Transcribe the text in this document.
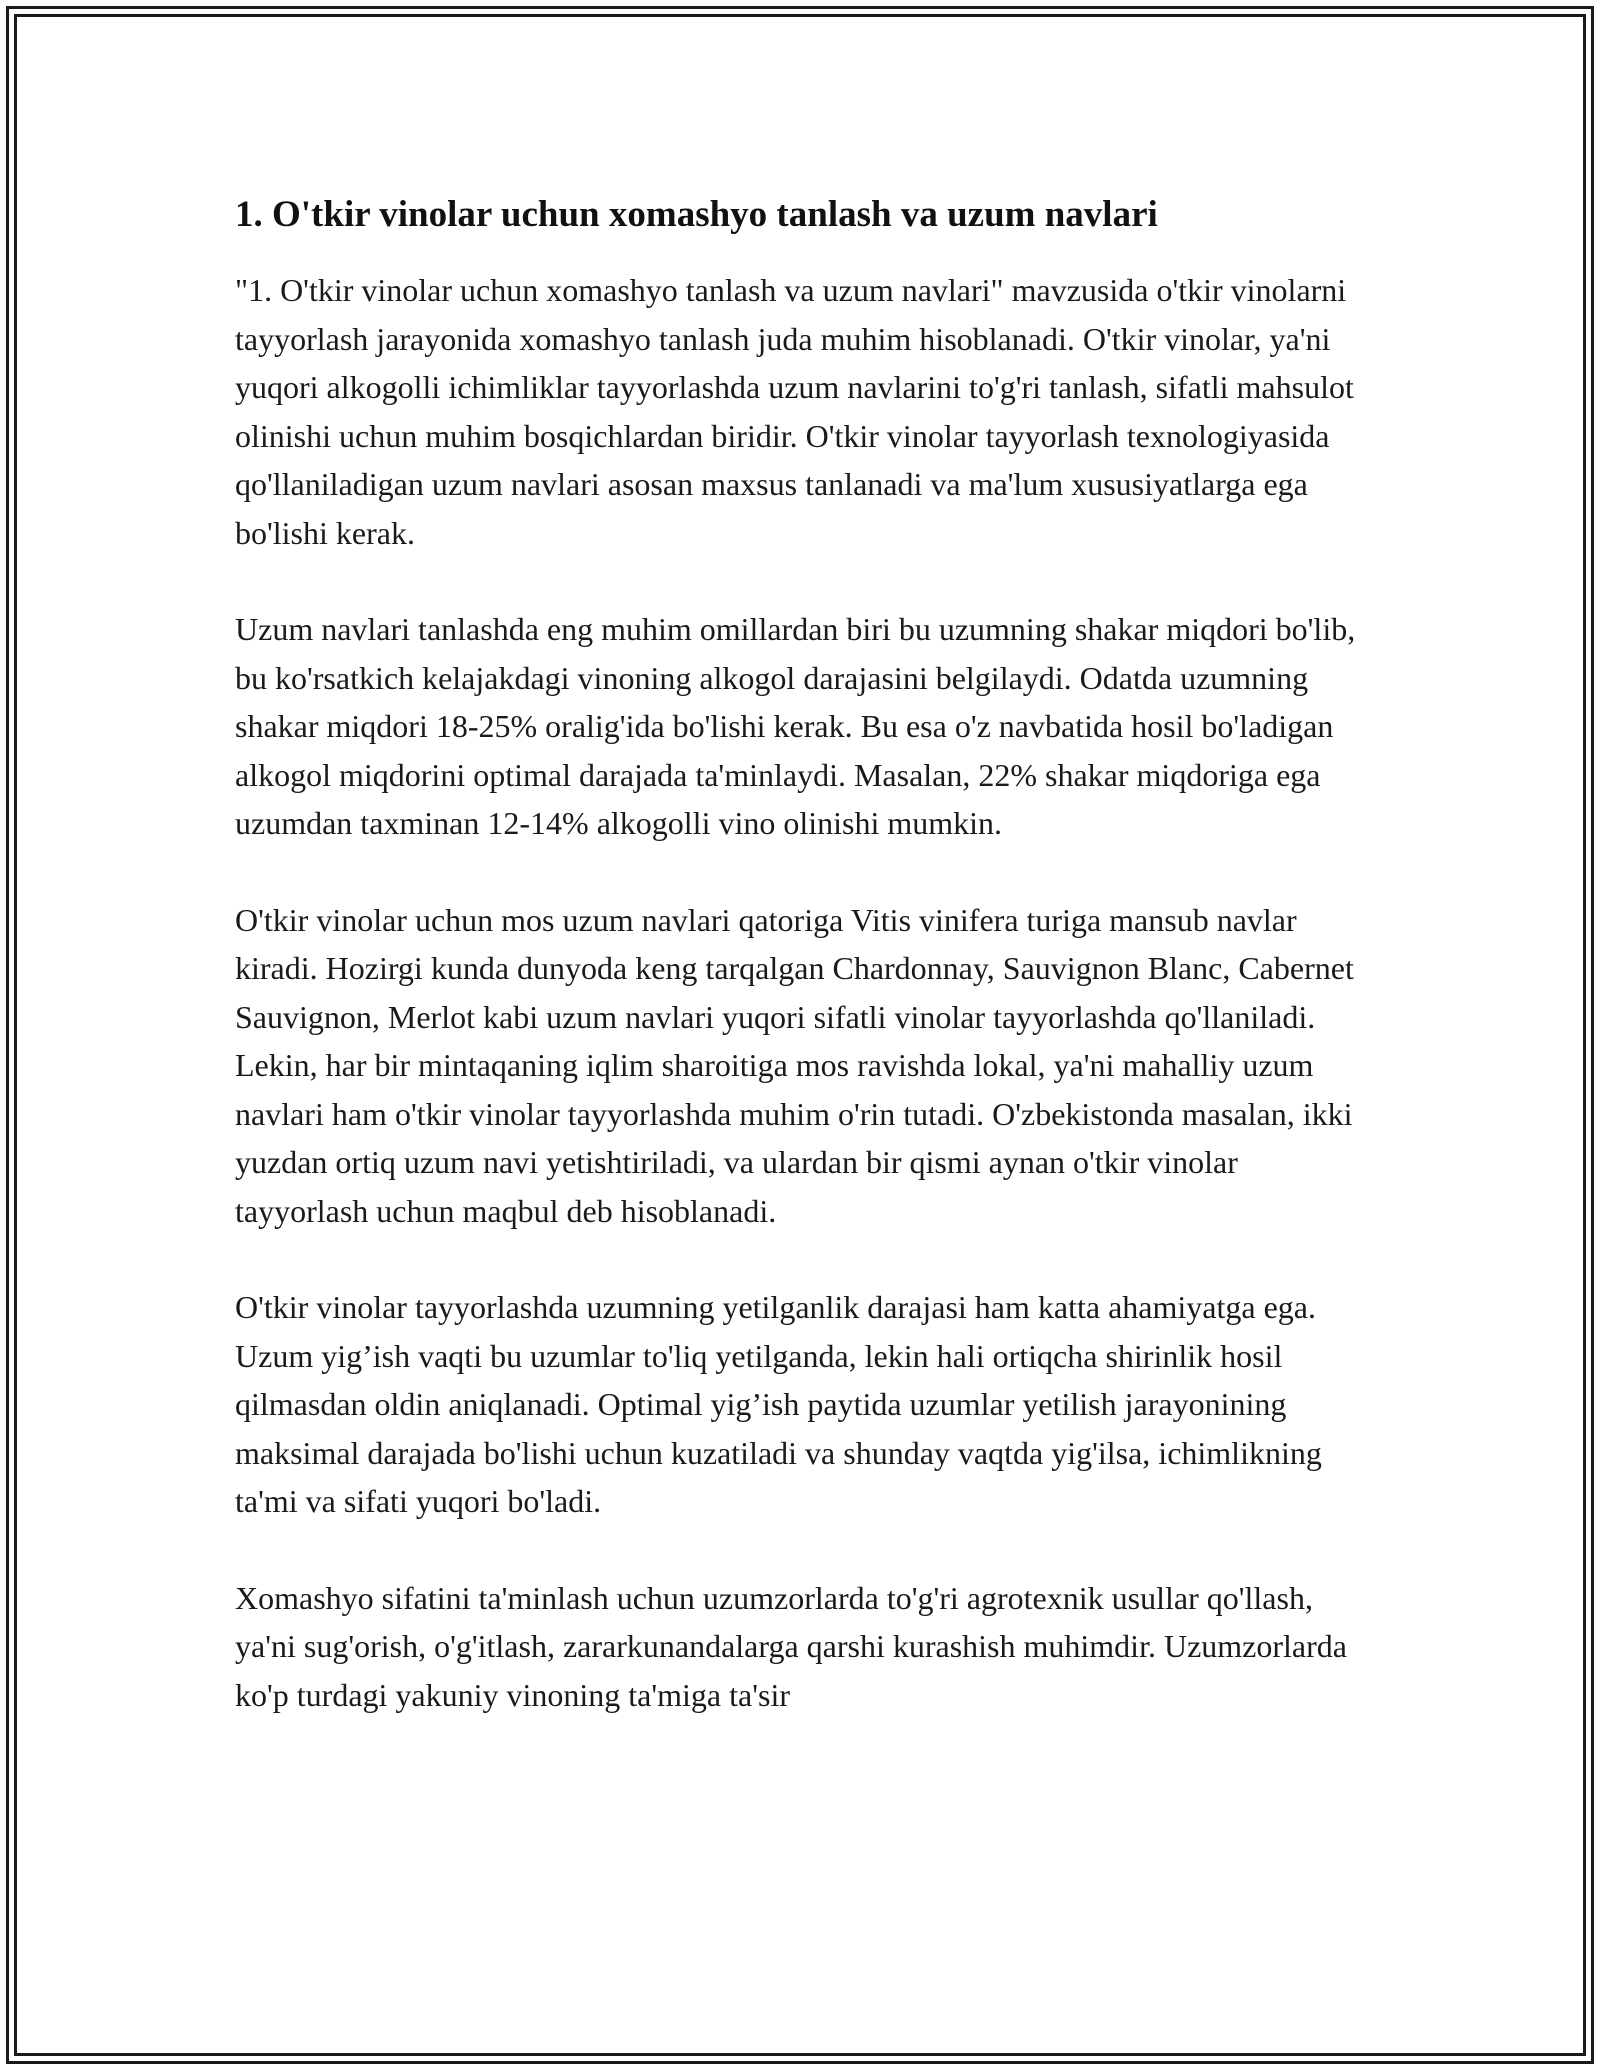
1. O'tkir vinolar uchun xomashyo tanlash va uzum navlari

"1. O'tkir vinolar uchun xomashyo tanlash va uzum navlari" mavzusida o'tkir vinolarni tayyorlash jarayonida xomashyo tanlash juda muhim hisoblanadi. O'tkir vinolar, ya'ni yuqori alkogolli ichimliklar tayyorlashda uzum navlarini to'g'ri tanlash, sifatli mahsulot olinishi uchun muhim bosqichlardan biridir. O'tkir vinolar tayyorlash texnologiyasida qo'llaniladigan uzum navlari asosan maxsus tanlanadi va ma'lum xususiyatlarga ega bo'lishi kerak.

Uzum navlari tanlashda eng muhim omillardan biri bu uzumning shakar miqdori bo'lib, bu ko'rsatkich kelajakdagi vinoning alkogol darajasini belgilaydi. Odatda uzumning shakar miqdori 18-25% oralig'ida bo'lishi kerak. Bu esa o'z navbatida hosil bo'ladigan alkogol miqdorini optimal darajada ta'minlaydi. Masalan, 22% shakar miqdoriga ega uzumdan taxminan 12-14% alkogolli vino olinishi mumkin.

O'tkir vinolar uchun mos uzum navlari qatoriga Vitis vinifera turiga mansub navlar kiradi. Hozirgi kunda dunyoda keng tarqalgan Chardonnay, Sauvignon Blanc, Cabernet Sauvignon, Merlot kabi uzum navlari yuqori sifatli vinolar tayyorlashda qo'llaniladi. Lekin, har bir mintaqaning iqlim sharoitiga mos ravishda lokal, ya'ni mahalliy uzum navlari ham o'tkir vinolar tayyorlashda muhim o'rin tutadi. O'zbekistonda masalan, ikki yuzdan ortiq uzum navi yetishtiriladi, va ulardan bir qismi aynan o'tkir vinolar tayyorlash uchun maqbul deb hisoblanadi.

O'tkir vinolar tayyorlashda uzumning yetilganlik darajasi ham katta ahamiyatga ega. Uzum yig’ish vaqti bu uzumlar to'liq yetilganda, lekin hali ortiqcha shirinlik hosil qilmasdan oldin aniqlanadi. Optimal yig’ish paytida uzumlar yetilish jarayonining maksimal darajada bo'lishi uchun kuzatiladi va shunday vaqtda yig'ilsa, ichimlikning ta'mi va sifati yuqori bo'ladi.

Xomashyo sifatini ta'minlash uchun uzumzorlarda to'g'ri agrotexnik usullar qo'llash, ya'ni sug'orish, o'g'itlash, zararkunandalarga qarshi kurashish muhimdir. Uzumzorlarda ko'p turdagi yakuniy vinoning ta'miga ta'sir
